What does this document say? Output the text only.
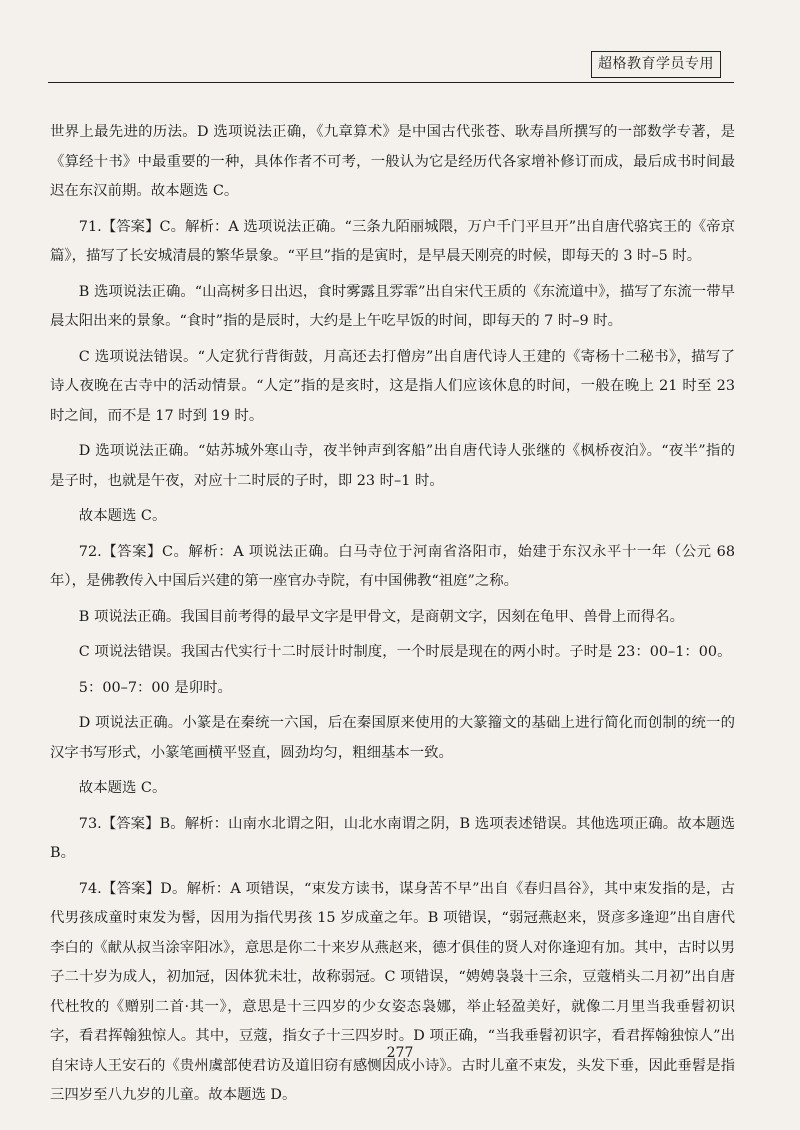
超格教育学员专用

世界上最先进的历法。D 选项说法正确，《九章算术》是中国古代张苍、耿寿昌所撰写的一部数学专著，是《算经十书》中最重要的一种，具体作者不可考，一般认为它是经历代各家增补修订而成，最后成书时间最迟在东汉前期。故本题选 C。

71.【答案】C。解析：A 选项说法正确。“三条九陌丽城隈，万户千门平旦开”出自唐代骆宾王的《帝京篇》，描写了长安城清晨的繁华景象。“平旦”指的是寅时，是早晨天刚亮的时候，即每天的 3 时–5 时。

B 选项说法正确。“山高树多日出迟，食时雾露且雰霏”出自宋代王质的《东流道中》，描写了东流一带早晨太阳出来的景象。“食时”指的是辰时，大约是上午吃早饭的时间，即每天的 7 时–9 时。

C 选项说法错误。“人定犹行背街鼓，月高还去打僧房”出自唐代诗人王建的《寄杨十二秘书》，描写了诗人夜晚在古寺中的活动情景。“人定”指的是亥时，这是指人们应该休息的时间，一般在晚上 21 时至 23 时之间，而不是 17 时到 19 时。

D 选项说法正确。“姑苏城外寒山寺，夜半钟声到客船”出自唐代诗人张继的《枫桥夜泊》。“夜半”指的是子时，也就是午夜，对应十二时辰的子时，即 23 时–1 时。

故本题选 C。

72.【答案】C。解析：A 项说法正确。白马寺位于河南省洛阳市，始建于东汉永平十一年（公元 68 年），是佛教传入中国后兴建的第一座官办寺院，有中国佛教“祖庭”之称。

B 项说法正确。我国目前考得的最早文字是甲骨文，是商朝文字，因刻在龟甲、兽骨上而得名。

C 项说法错误。我国古代实行十二时辰计时制度，一个时辰是现在的两小时。子时是 23：00–1：00。

5：00–7：00 是卯时。

D 项说法正确。小篆是在秦统一六国，后在秦国原来使用的大篆籀文的基础上进行简化而创制的统一的汉字书写形式，小篆笔画横平竖直，圆劲均匀，粗细基本一致。

故本题选 C。

73.【答案】B。解析：山南水北谓之阳，山北水南谓之阴，B 选项表述错误。其他选项正确。故本题选 B。

74.【答案】D。解析：A 项错误，“束发方读书，谋身苦不早”出自《春归昌谷》，其中束发指的是，古代男孩成童时束发为髻，因用为指代男孩 15 岁成童之年。B 项错误，“弱冠燕赵来，贤彦多逢迎”出自唐代李白的《献从叔当涂宰阳冰》，意思是你二十来岁从燕赵来，德才俱佳的贤人对你逢迎有加。其中，古时以男子二十岁为成人，初加冠，因体犹未壮，故称弱冠。C 项错误，“娉娉袅袅十三余，豆蔻梢头二月初”出自唐代杜牧的《赠别二首·其一》，意思是十三四岁的少女姿态袅娜，举止轻盈美好，就像二月里当我垂髫初识字，看君挥翰独惊人。其中，豆蔻，指女子十三四岁时。D 项正确，“当我垂髫初识字，看君挥翰独惊人”出自宋诗人王安石的《贵州虞部使君访及道旧窃有感恻因成小诗》。古时儿童不束发，头发下垂，因此垂髫是指三四岁至八九岁的儿童。故本题选 D。

277
